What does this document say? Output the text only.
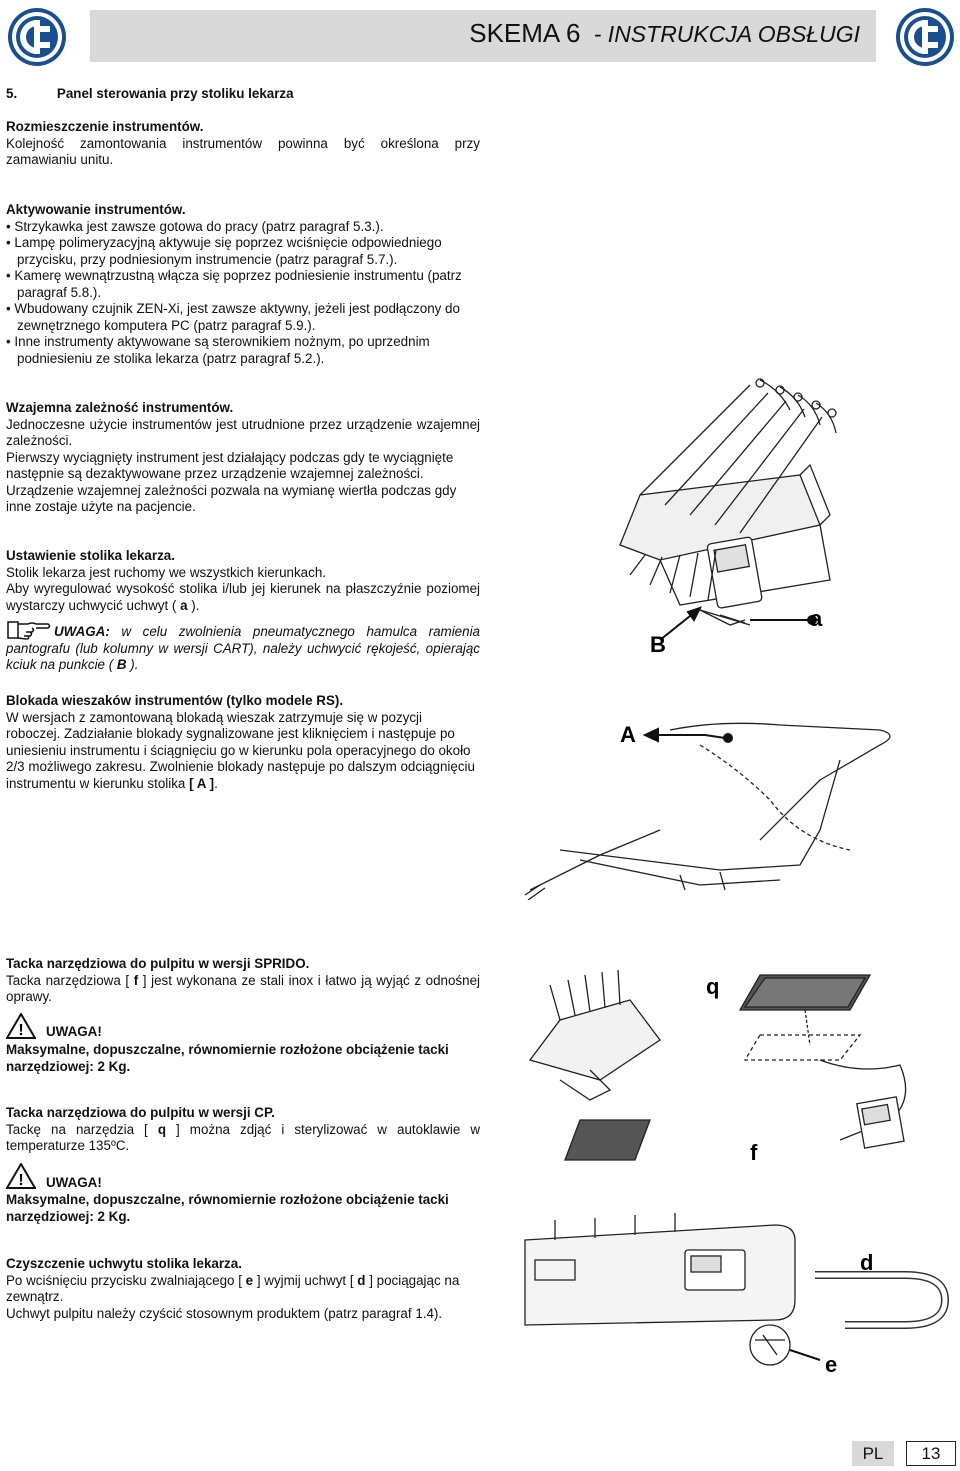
SKEMA 6 - INSTRUKCJA OBSŁUGI
5.	Panel sterowania przy stoliku lekarza

Rozmieszczenie instrumentów.

Kolejność zamontowania instrumentów powinna być określona przy zamawianiu unitu.

Aktywowanie instrumentów.

• Strzykawka jest zawsze gotowa do pracy (patrz paragraf 5.3.).

• Lampę polimeryzacyjną aktywuje się poprzez wciśnięcie odpowiedniego przycisku, przy podniesionym instrumencie (patrz paragraf 5.7.).

• Kamerę wewnątrzustną włącza się poprzez podniesienie instrumentu (patrz paragraf 5.8.).

• Wbudowany czujnik ZEN-Xi, jest zawsze aktywny, jeżeli jest podłączony do zewnętrznego komputera PC (patrz paragraf 5.9.).

• Inne instrumenty aktywowane są sterownikiem nożnym, po uprzednim podniesieniu ze stolika lekarza (patrz paragraf 5.2.).

Wzajemna zależność instrumentów.

Jednoczesne użycie instrumentów jest utrudnione przez urządzenie wzajemnej zależności.

Pierwszy wyciągnięty instrument jest działający podczas gdy te wyciągnięte następnie są dezaktywowane przez urządzenie wzajemnej zależności.

Urządzenie wzajemnej zależności pozwala na wymianę wiertła podczas gdy inne zostaje użyte na pacjencie.

Ustawienie stolika lekarza.

Stolik lekarza jest ruchomy we wszystkich kierunkach.

Aby wyregulować wysokość stolika i/lub jej kierunek na płaszczyźnie poziomej wystarczy uchwycić uchwyt ( a ).

UWAGA: w celu zwolnienia pneumatycznego hamulca ramienia pantografu (lub kolumny w wersji CART), należy uchwycić rękojeść, opierając kciuk na punkcie ( B ).

Blokada wieszaków instrumentów (tylko modele RS).

W wersjach z zamontowaną blokadą wieszak zatrzymuje się w pozycji roboczej. Zadziałanie blokady sygnalizowane jest kliknięciem i następuje po uniesieniu instrumentu i ściągnięciu go w kierunku pola operacyjnego do około 2/3 możliwego zakresu. Zwolnienie blokady następuje po dalszym odciągnięciu instrumentu w kierunku stolika [ A ].

Tacka narzędziowa do pulpitu w wersji SPRIDO.

Tacka narzędziowa [ f ] jest wykonana ze stali inox i łatwo ją wyjąć z odnośnej oprawy.

! UWAGA!
Maksymalne, dopuszczalne, równomiernie rozłożone obciążenie tacki narzędziowej: 2 Kg.

Tacka narzędziowa do pulpitu w wersji CP.

Tackę na narzędzia [ q ] można zdjąć i sterylizować w autoklawie w temperaturze 135ºC.

! UWAGA!
Maksymalne, dopuszczalne, równomiernie rozłożone obciążenie tacki narzędziowej: 2 Kg.

Czyszczenie uchwytu stolika lekarza.

Po wciśnięciu przycisku zwalniającego [ e ] wyjmij uchwyt [ d ] pociągając na zewnątrz.

Uchwyt pulpitu należy czyścić stosownym produktem (patrz paragraf 1.4).

B
a
A
q
f
d
e
PL	13
